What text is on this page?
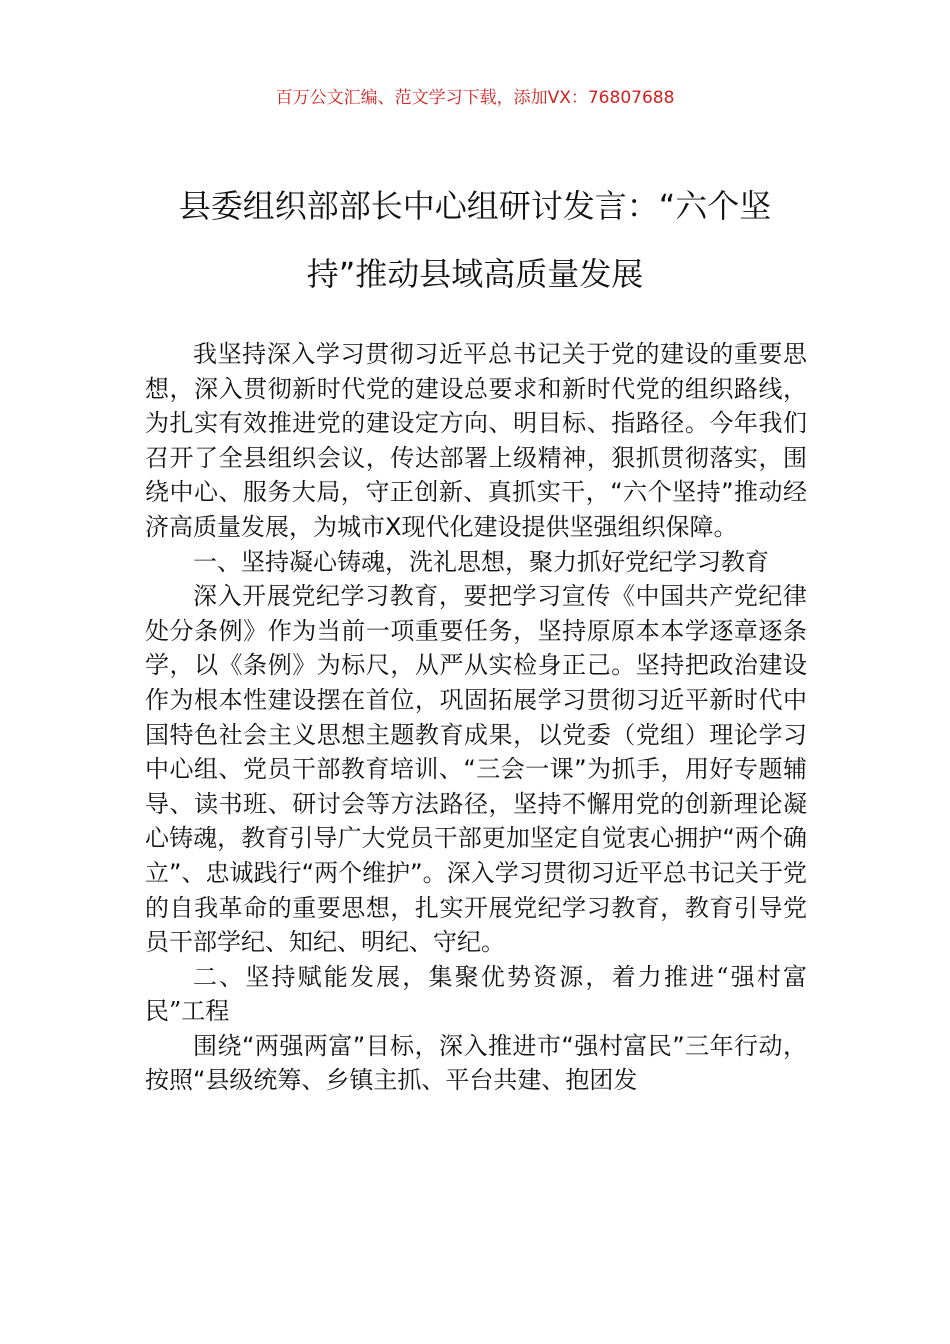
百万公文汇编、范文学习下载，添加VX：76807688
县委组织部部长中心组研讨发言：“六个坚持”推动县域高质量发展

我坚持深入学习贯彻习近平总书记关于党的建设的重要思想，深入贯彻新时代党的建设总要求和新时代党的组织路线，为扎实有效推进党的建设定方向、明目标、指路径。今年我们召开了全县组织会议，传达部署上级精神，狠抓贯彻落实，围绕中心、服务大局，守正创新、真抓实干，“六个坚持”推动经济高质量发展，为城市X现代化建设提供坚强组织保障。

一、坚持凝心铸魂，洗礼思想，聚力抓好党纪学习教育

深入开展党纪学习教育，要把学习宣传《中国共产党纪律处分条例》作为当前一项重要任务，坚持原原本本学逐章逐条学，以《条例》为标尺，从严从实检身正己。坚持把政治建设作为根本性建设摆在首位，巩固拓展学习贯彻习近平新时代中国特色社会主义思想主题教育成果，以党委（党组）理论学习中心组、党员干部教育培训、“三会一课”为抓手，用好专题辅导、读书班、研讨会等方法路径，坚持不懈用党的创新理论凝心铸魂，教育引导广大党员干部更加坚定自觉衷心拥护“两个确立”、忠诚践行“两个维护”。深入学习贯彻习近平总书记关于党的自我革命的重要思想，扎实开展党纪学习教育，教育引导党员干部学纪、知纪、明纪、守纪。

二、坚持赋能发展，集聚优势资源，着力推进“强村富民”工程

围绕“两强两富”目标，深入推进市“强村富民”三年行动，按照“县级统筹、乡镇主抓、平台共建、抱团发
